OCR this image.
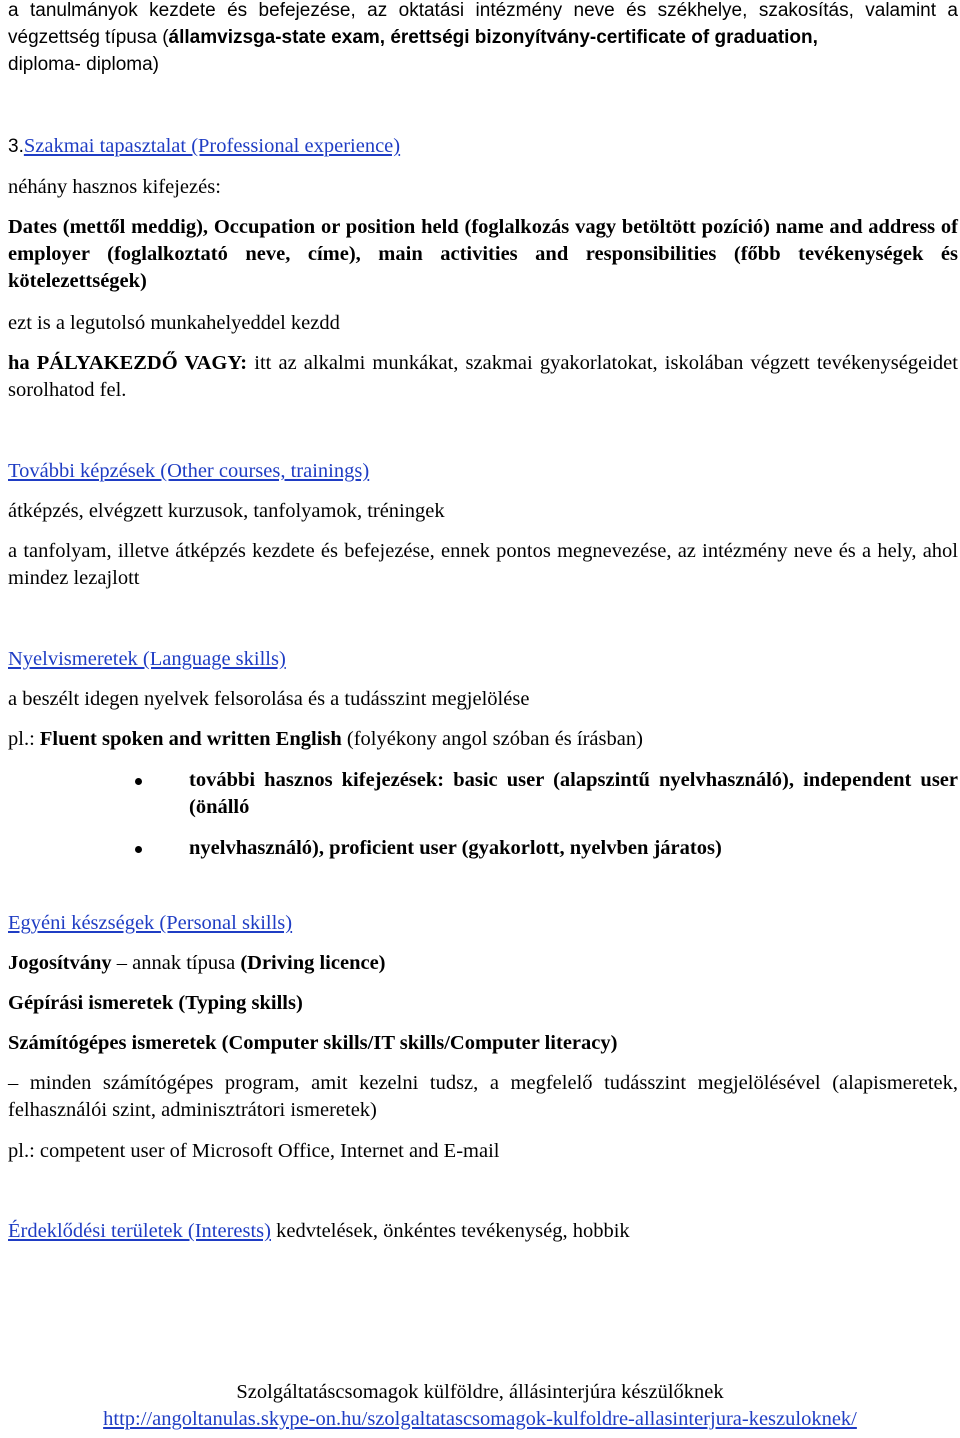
a tanulmányok kezdete és befejezése, az oktatási intézmény neve és székhelye, szakosítás, valamint a végzettség típusa (államvizsga-state exam, érettségi bizonyítvány-certificate of graduation,
diploma- diploma)
3.Szakmai tapasztalat (Professional experience)
néhány hasznos kifejezés:
Dates (mettől meddig), Occupation or position held (foglalkozás vagy betöltött pozíció) name and address of employer (foglalkoztató neve, címe), main activities and responsibilities (főbb tevékenységek és kötelezettségek)
ezt is a legutolsó munkahelyeddel kezdd
ha PÁLYAKEZDŐ VAGY: itt az alkalmi munkákat, szakmai gyakorlatokat, iskolában végzett tevékenységeidet sorolhatod fel.
További képzések (Other courses, trainings)
átképzés, elvégzett kurzusok, tanfolyamok, tréningek
a tanfolyam, illetve átképzés kezdete és befejezése, ennek pontos megnevezése, az intézmény neve és a hely, ahol mindez lezajlott
Nyelvismeretek (Language skills)
a beszélt idegen nyelvek felsorolása és a tudásszint megjelölése
pl.: Fluent spoken and written English (folyékony angol szóban és írásban)
további hasznos kifejezések: basic user (alapszintű nyelvhasználó), independent user (önálló
nyelvhasználó), proficient user (gyakorlott, nyelvben járatos)
Egyéni készségek (Personal skills)
Jogosítvány – annak típusa (Driving licence)
Gépírási ismeretek (Typing skills)
Számítógépes ismeretek (Computer skills/IT skills/Computer literacy)
– minden számítógépes program, amit kezelni tudsz, a megfelelő tudásszint megjelölésével (alapismeretek, felhasználói szint, adminisztrátori ismeretek)
pl.: competent user of Microsoft Office, Internet and E-mail
Érdeklődési területek (Interests) kedvtelések, önkéntes tevékenység, hobbik
Szolgáltatáscsomagok külföldre, állásinterjúra készülőknek
http://angoltanulas.skype-on.hu/szolgaltatascsomagok-kulfoldre-allasinterjura-keszuloknek/
